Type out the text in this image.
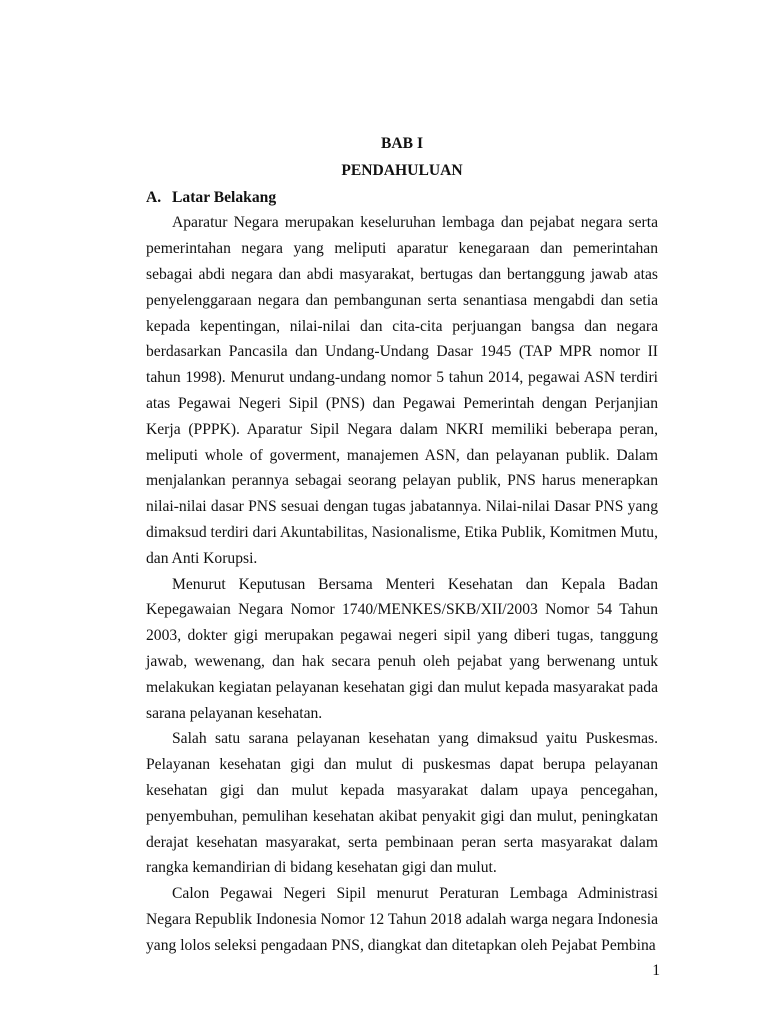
BAB I

PENDAHULUAN

A. Latar Belakang

Aparatur Negara merupakan keseluruhan lembaga dan pejabat negara serta pemerintahan negara yang meliputi aparatur kenegaraan dan pemerintahan sebagai abdi negara dan abdi masyarakat, bertugas dan bertanggung jawab atas penyelenggaraan negara dan pembangunan serta senantiasa mengabdi dan setia kepada kepentingan, nilai-nilai dan cita-cita perjuangan bangsa dan negara berdasarkan Pancasila dan Undang-Undang Dasar 1945 (TAP MPR nomor II tahun 1998). Menurut undang-undang nomor 5 tahun 2014, pegawai ASN terdiri atas Pegawai Negeri Sipil (PNS) dan Pegawai Pemerintah dengan Perjanjian Kerja (PPPK). Aparatur Sipil Negara dalam NKRI memiliki beberapa peran, meliputi whole of goverment, manajemen ASN, dan pelayanan publik. Dalam menjalankan perannya sebagai seorang pelayan publik, PNS harus menerapkan nilai-nilai dasar PNS sesuai dengan tugas jabatannya. Nilai-nilai Dasar PNS yang dimaksud terdiri dari Akuntabilitas, Nasionalisme, Etika Publik, Komitmen Mutu, dan Anti Korupsi.

Menurut Keputusan Bersama Menteri Kesehatan dan Kepala Badan Kepegawaian Negara Nomor 1740/MENKES/SKB/XII/2003 Nomor 54 Tahun 2003, dokter gigi merupakan pegawai negeri sipil yang diberi tugas, tanggung jawab, wewenang, dan hak secara penuh oleh pejabat yang berwenang untuk melakukan kegiatan pelayanan kesehatan gigi dan mulut kepada masyarakat pada sarana pelayanan kesehatan.

Salah satu sarana pelayanan kesehatan yang dimaksud yaitu Puskesmas. Pelayanan kesehatan gigi dan mulut di puskesmas dapat berupa pelayanan kesehatan gigi dan mulut kepada masyarakat dalam upaya pencegahan, penyembuhan, pemulihan kesehatan akibat penyakit gigi dan mulut, peningkatan derajat kesehatan masyarakat, serta pembinaan peran serta masyarakat dalam rangka kemandirian di bidang kesehatan gigi dan mulut.

Calon Pegawai Negeri Sipil menurut Peraturan Lembaga Administrasi Negara Republik Indonesia Nomor 12 Tahun 2018 adalah warga negara Indonesia yang lolos seleksi pengadaan PNS, diangkat dan ditetapkan oleh Pejabat Pembina

1
